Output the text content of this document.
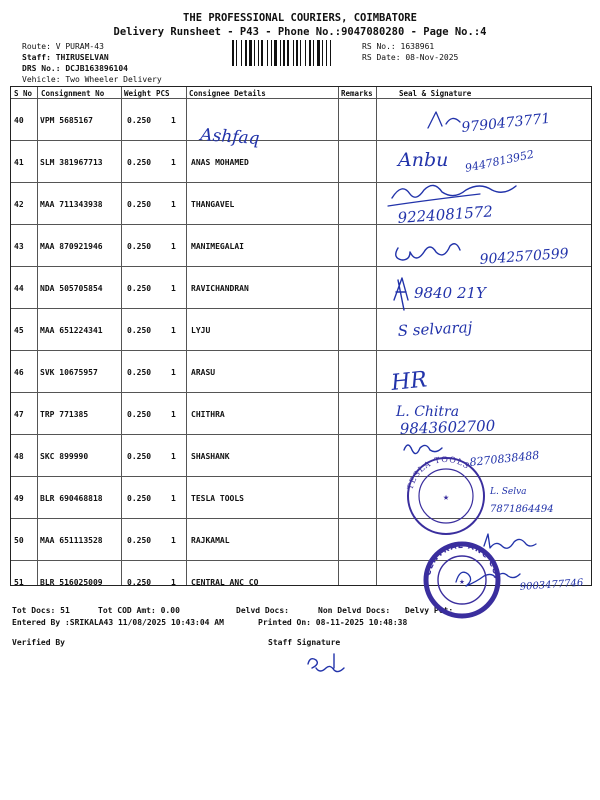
THE PROFESSIONAL COURIERS, COIMBATORE
Delivery Runsheet - P43 - Phone No.:9047080280 - Page No.:4
Route: V PURAM-43
Staff: THIRUSELVAN
DRS No.: DCJB163896104
Vehicle: Two Wheeler Delivery
RS No.: 1638961
RS Date: 08-Nov-2025
S No Consignment No	Weight PCS	Consignee Details	Remarks	Seal & Signature
40 VPM 5685167	0.250 1
41 SLM 381967713	0.250 1 ANAS MOHAMED
42 MAA 711343938	0.250 1 THANGAVEL
43 MAA 870921946	0.250 1 MANIMEGALAI
44 NDA 505705854	0.250 1 RAVICHANDRAN
45 MAA 651224341	0.250 1 LYJU
46 SVK 10675957	0.250 1 ARASU
47 TRP 771385	0.250 1 CHITHRA
48 SKC 899990	0.250 1 SHASHANK
49 BLR 690468818	0.250 1 TESLA TOOLS
50 MAA 651113528	0.250 1 RAJKAMAL
51 BLR 516025009	0.250 1 CENTRAL ANC CO
Tot Docs: 51	Tot COD Amt: 0.00	Delvd Docs:	Non Delvd Docs: Delvy Pct:
Entered By :SRIKALA43 11/08/2025 10:43:04 AM	Printed On: 08-11-2025 10:48:38
Verified By	Staff Signature
Ashfaq
9790473771
Anbu 9447813952
9224081572
9042570599
9840 21Y
S selvaraj
HR
L. Chitra
9843602700
8270838488
L. Selva
7871864494
9003477746
TESLA TOOLS
★
CENTRAL ANC CO.
★
